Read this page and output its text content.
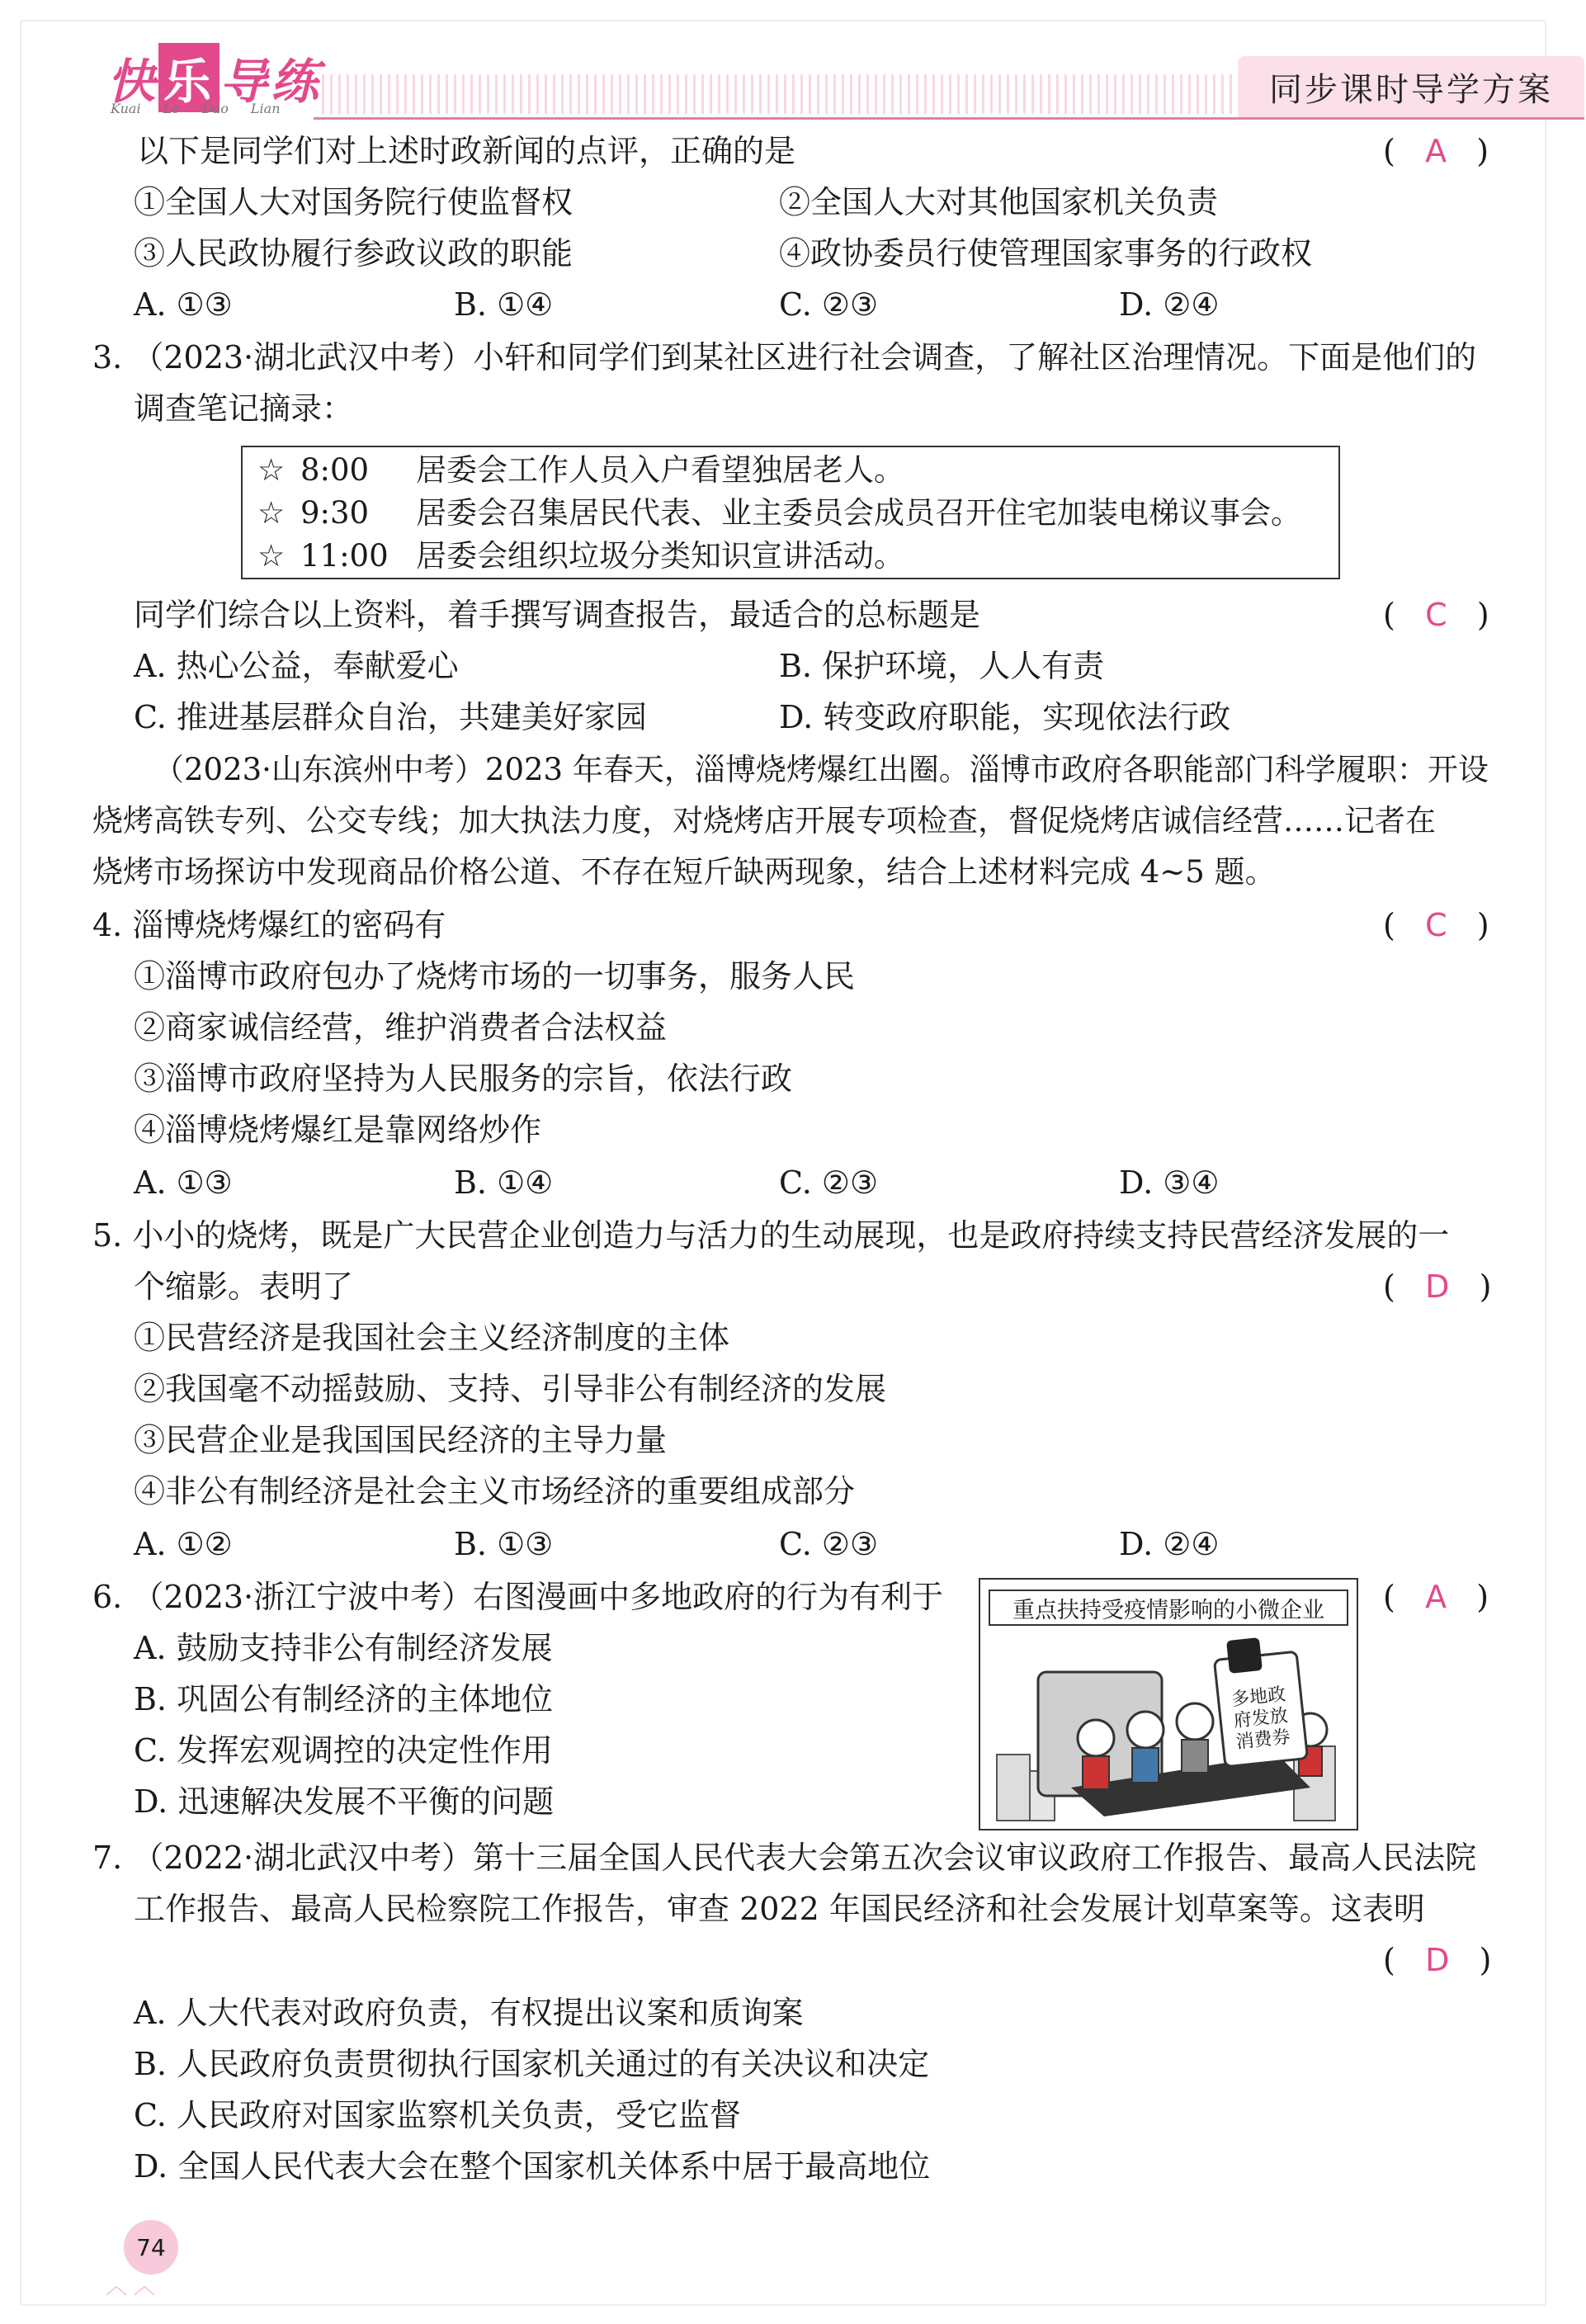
快 乐 导练
Kuai Le Dao Lian	同步课时导学方案
以下是同学们对上述时政新闻的点评，正确的是	(   A   )
①全国人大对国务院行使监督权	②全国人大对其他国家机关负责
③人民政协履行参政议政的职能	④政协委员行使管理国家事务的行政权
A. ①③	B. ①④	C. ②③	D. ②④
3. （2023·湖北武汉中考）小轩和同学们到某社区进行社会调查，了解社区治理情况。下面是他们的
调查笔记摘录：
☆ 8:00 居委会工作人员入户看望独居老人。
☆ 9:30 居委会召集居民代表、业主委员会成员召开住宅加装电梯议事会。
☆ 11:00 居委会组织垃圾分类知识宣讲活动。
同学们综合以上资料，着手撰写调查报告，最适合的总标题是	(   C   )
A. 热心公益，奉献爱心	B. 保护环境，人人有责
C. 推进基层群众自治，共建美好家园	D. 转变政府职能，实现依法行政
（2023·山东滨州中考）2023 年春天，淄博烧烤爆红出圈。淄博市政府各职能部门科学履职：开设
烧烤高铁专列、公交专线；加大执法力度，对烧烤店开展专项检查，督促烧烤店诚信经营……记者在
烧烤市场探访中发现商品价格公道、不存在短斤缺两现象，结合上述材料完成 4~5 题。
4. 淄博烧烤爆红的密码有	(   C   )
①淄博市政府包办了烧烤市场的一切事务，服务人民
②商家诚信经营，维护消费者合法权益
③淄博市政府坚持为人民服务的宗旨，依法行政
④淄博烧烤爆红是靠网络炒作
A. ①③	B. ①④	C. ②③	D. ③④
5. 小小的烧烤，既是广大民营企业创造力与活力的生动展现，也是政府持续支持民营经济发展的一
个缩影。表明了	(   D   )
①民营经济是我国社会主义经济制度的主体
②我国毫不动摇鼓励、支持、引导非公有制经济的发展
③民营企业是我国国民经济的主导力量
④非公有制经济是社会主义市场经济的重要组成部分
A. ①②	B. ①③	C. ②③	D. ②④
6. （2023·浙江宁波中考）右图漫画中多地政府的行为有利于	(   A   )
A. 鼓励支持非公有制经济发展
B. 巩固公有制经济的主体地位
C. 发挥宏观调控的决定性作用
D. 迅速解决发展不平衡的问题
重点扶持受疫情影响的小微企业
多地政府发放消费券
7. （2022·湖北武汉中考）第十三届全国人民代表大会第五次会议审议政府工作报告、最高人民法院
工作报告、最高人民检察院工作报告，审查 2022 年国民经济和社会发展计划草案等。这表明
(   D   )
A. 人大代表对政府负责，有权提出议案和质询案
B. 人民政府负责贯彻执行国家机关通过的有关决议和决定
C. 人民政府对国家监察机关负责，受它监督
D. 全国人民代表大会在整个国家机关体系中居于最高地位
74
︿︿
